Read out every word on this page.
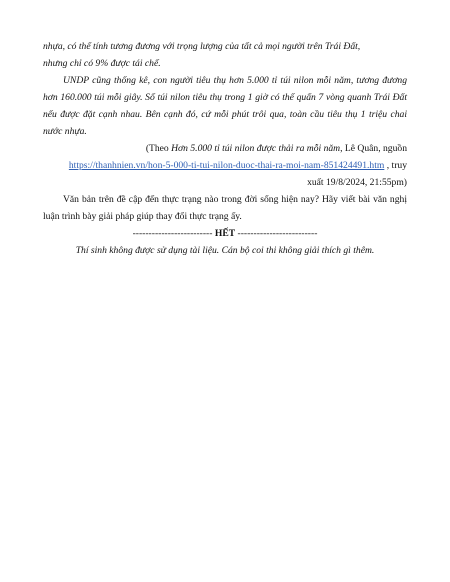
nhựa, có thể tính tương đương với trọng lượng của tất cả mọi người trên Trái Đất,

nhưng chỉ có 9% được tái chế.

UNDP cũng thống kê, con người tiêu thụ hơn 5.000 tỉ túi nilon mỗi năm, tương đương hơn 160.000 túi mỗi giây. Số túi nilon tiêu thụ trong 1 giờ có thể quấn 7 vòng quanh Trái Đất nếu được đặt cạnh nhau. Bên cạnh đó, cứ mỗi phút trôi qua, toàn cầu tiêu thụ 1 triệu chai nước nhựa.

(Theo Hơn 5.000 tỉ túi nilon được thải ra mỗi năm, Lê Quân, nguồn

https://thanhnien.vn/hon-5-000-ti-tui-nilon-duoc-thai-ra-moi-nam-851424491.htm , truy

xuất 19/8/2024, 21:55pm)

Văn bản trên đề cập đến thực trạng nào trong đời sống hiện nay? Hãy viết bài văn nghị luận trình bày giải pháp giúp thay đổi thực trạng ấy.

------------------------- HẾT -------------------------

Thí sinh không được sử dụng tài liệu. Cán bộ coi thi không giải thích gì thêm.
